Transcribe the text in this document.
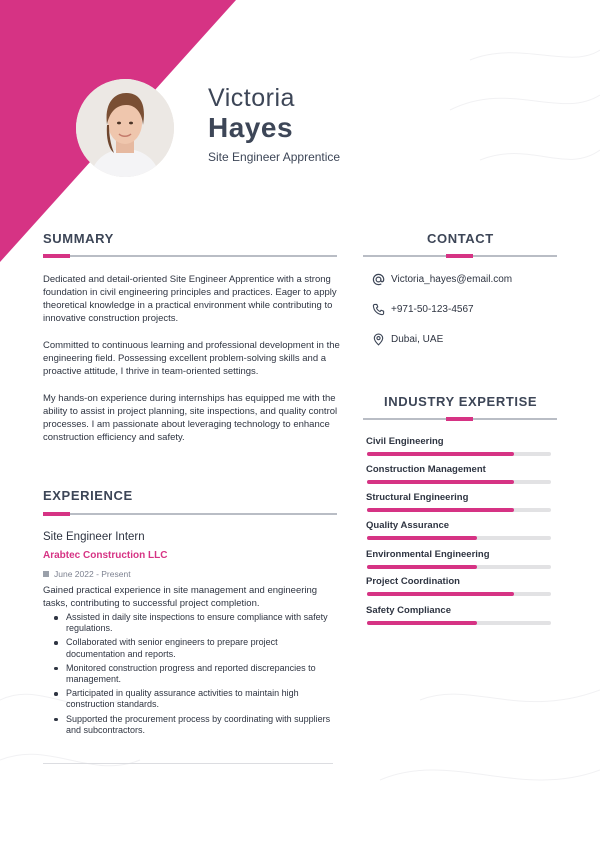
Victoria
Hayes
Site Engineer Apprentice
SUMMARY

Dedicated and detail-oriented Site Engineer Apprentice with a strong foundation in civil engineering principles and practices. Eager to apply theoretical knowledge in a practical environment while contributing to innovative construction projects.

Committed to continuous learning and professional development in the engineering field. Possessing excellent problem-solving skills and a proactive attitude, I thrive in team-oriented settings.

My hands-on experience during internships has equipped me with the ability to assist in project planning, site inspections, and quality control processes. I am passionate about leveraging technology to enhance construction efficiency and safety.

CONTACT
Victoria_hayes@email.com
+971-50-123-4567
Dubai, UAE
INDUSTRY EXPERTISE
Civil Engineering
Construction Management
Structural Engineering
Quality Assurance
Environmental Engineering
Project Coordination
Safety Compliance
EXPERIENCE
Site Engineer Intern
Arabtec Construction LLC
June 2022 - Present

Gained practical experience in site management and engineering tasks, contributing to successful project completion.

Assisted in daily site inspections to ensure compliance with safety regulations.
Collaborated with senior engineers to prepare project documentation and reports.
Monitored construction progress and reported discrepancies to management.
Participated in quality assurance activities to maintain high construction standards.
Supported the procurement process by coordinating with suppliers and subcontractors.
